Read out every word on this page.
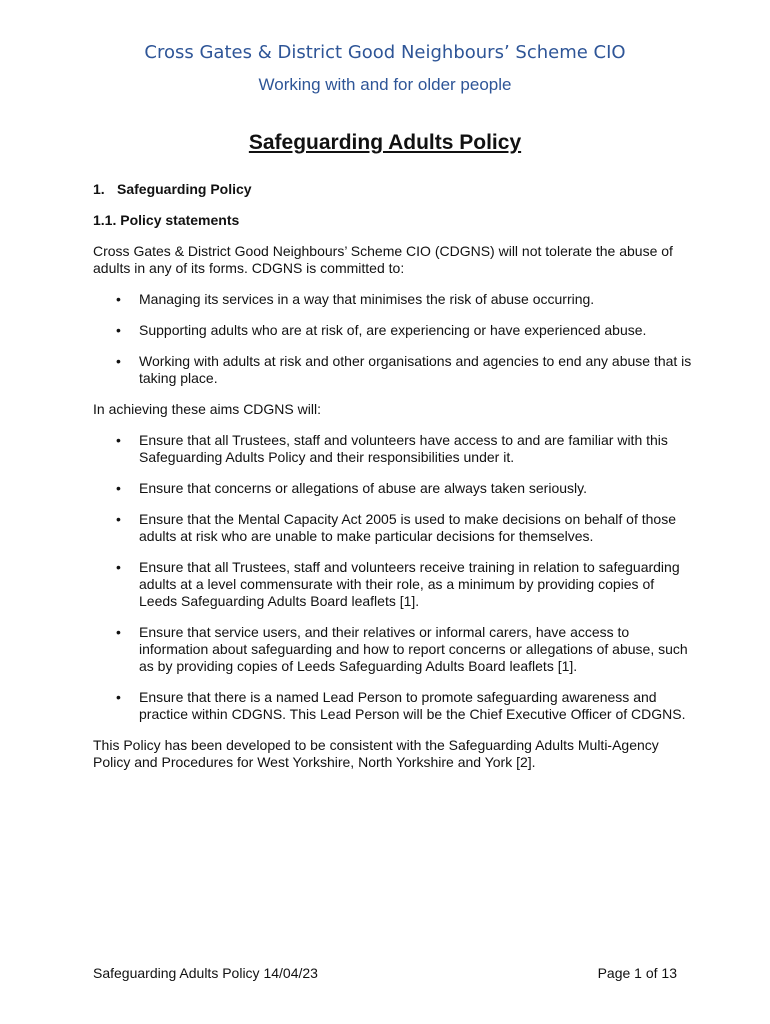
Cross Gates & District Good Neighbours’ Scheme CIO
Working with and for older people
Safeguarding Adults Policy
1. Safeguarding Policy
1.1. Policy statements
Cross Gates & District Good Neighbours’ Scheme CIO (CDGNS) will not tolerate the abuse of adults in any of its forms. CDGNS is committed to:
• Managing its services in a way that minimises the risk of abuse occurring.
• Supporting adults who are at risk of, are experiencing or have experienced abuse.
• Working with adults at risk and other organisations and agencies to end any abuse that is taking place.
In achieving these aims CDGNS will:
• Ensure that all Trustees, staff and volunteers have access to and are familiar with this Safeguarding Adults Policy and their responsibilities under it.
• Ensure that concerns or allegations of abuse are always taken seriously.
• Ensure that the Mental Capacity Act 2005 is used to make decisions on behalf of those adults at risk who are unable to make particular decisions for themselves.
• Ensure that all Trustees, staff and volunteers receive training in relation to safeguarding adults at a level commensurate with their role, as a minimum by providing copies of Leeds Safeguarding Adults Board leaflets [1].
• Ensure that service users, and their relatives or informal carers, have access to information about safeguarding and how to report concerns or allegations of abuse, such as by providing copies of Leeds Safeguarding Adults Board leaflets [1].
• Ensure that there is a named Lead Person to promote safeguarding awareness and practice within CDGNS. This Lead Person will be the Chief Executive Officer of CDGNS.
This Policy has been developed to be consistent with the Safeguarding Adults Multi-Agency Policy and Procedures for West Yorkshire, North Yorkshire and York [2].
Safeguarding Adults Policy 14/04/23	Page 1 of 13
